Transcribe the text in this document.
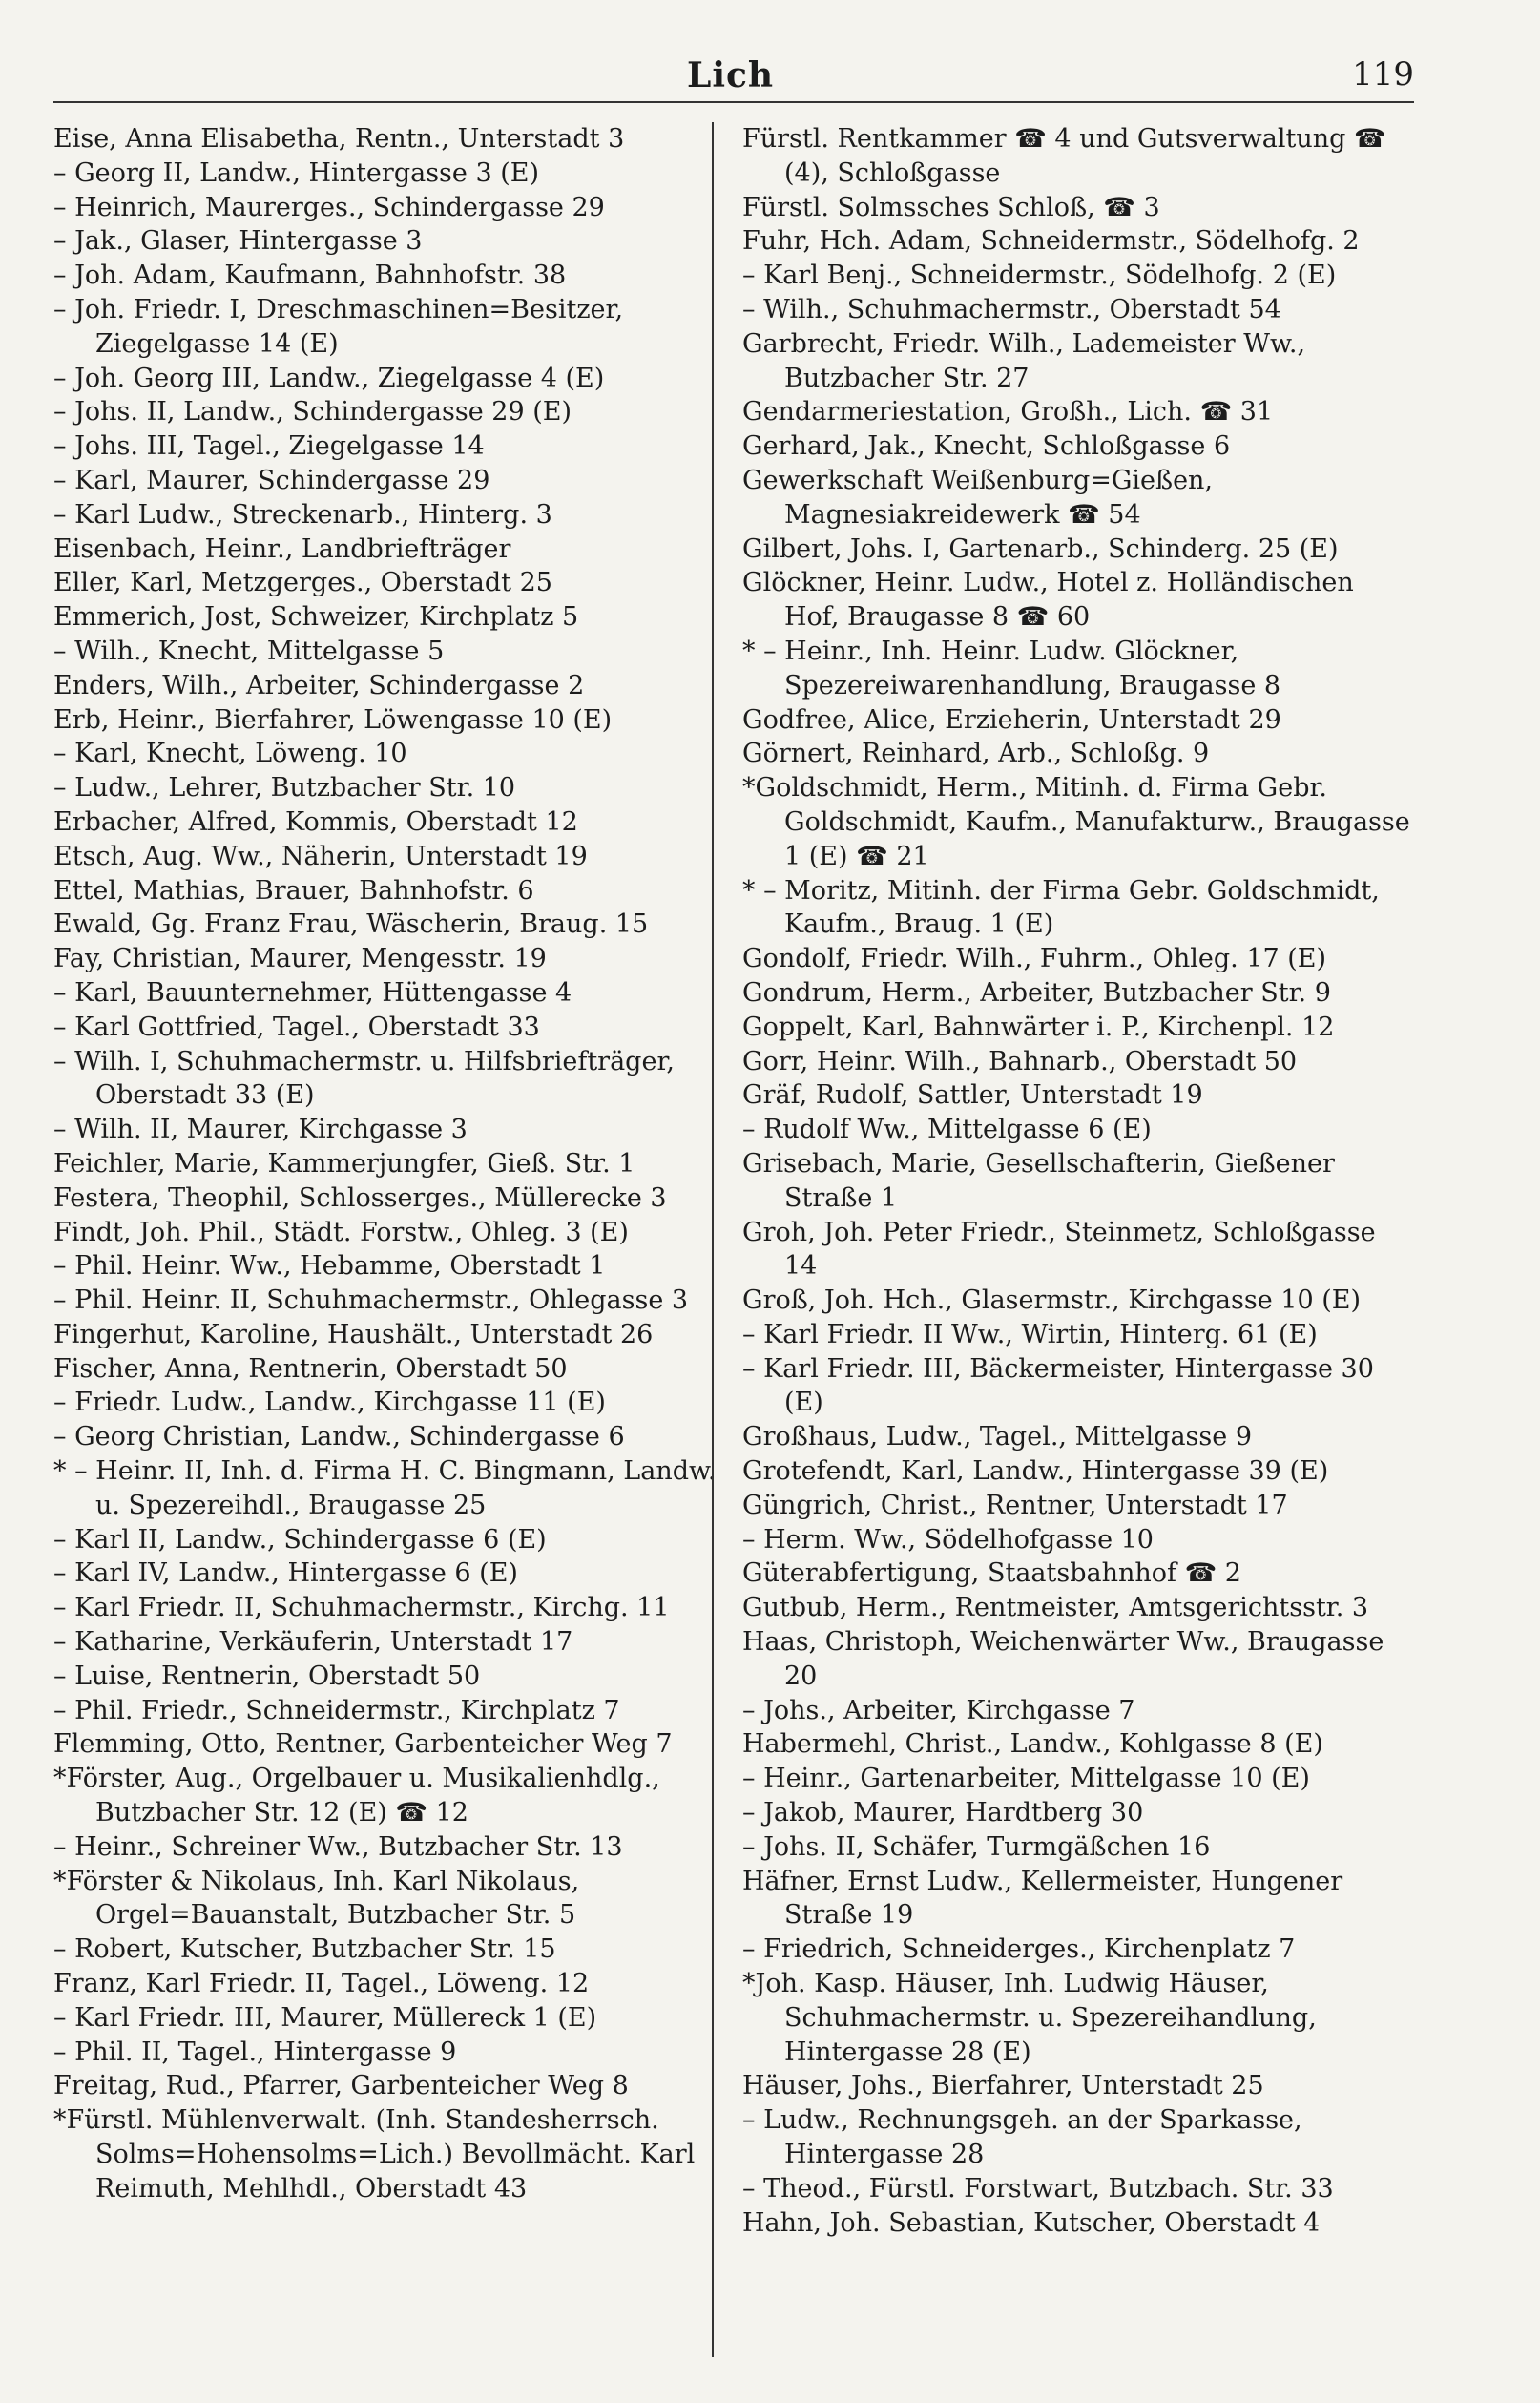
Lich	119

Eise, Anna Elisabetha, Rentn., Unterstadt 3

– Georg II, Landw., Hintergasse 3 (E)

– Heinrich, Maurerges., Schindergasse 29

– Jak., Glaser, Hintergasse 3

– Joh. Adam, Kaufmann, Bahnhofstr. 38

– Joh. Friedr. I, Dreschmaschinen=Besitzer, Ziegelgasse 14 (E)

– Joh. Georg III, Landw., Ziegelgasse 4 (E)

– Johs. II, Landw., Schindergasse 29 (E)

– Johs. III, Tagel., Ziegelgasse 14

– Karl, Maurer, Schindergasse 29

– Karl Ludw., Streckenarb., Hinterg. 3

Eisenbach, Heinr., Landbriefträger

Eller, Karl, Metzgerges., Oberstadt 25

Emmerich, Jost, Schweizer, Kirchplatz 5

– Wilh., Knecht, Mittelgasse 5

Enders, Wilh., Arbeiter, Schindergasse 2

Erb, Heinr., Bierfahrer, Löwengasse 10 (E)

– Karl, Knecht, Löweng. 10

– Ludw., Lehrer, Butzbacher Str. 10

Erbacher, Alfred, Kommis, Oberstadt 12

Etsch, Aug. Ww., Näherin, Unterstadt 19

Ettel, Mathias, Brauer, Bahnhofstr. 6

Ewald, Gg. Franz Frau, Wäscherin, Braug. 15

Fay, Christian, Maurer, Mengesstr. 19

– Karl, Bauunternehmer, Hüttengasse 4

– Karl Gottfried, Tagel., Oberstadt 33

– Wilh. I, Schuhmachermstr. u. Hilfsbriefträger, Oberstadt 33 (E)

– Wilh. II, Maurer, Kirchgasse 3

Feichler, Marie, Kammerjungfer, Gieß. Str. 1

Festera, Theophil, Schlosserges., Müllerecke 3

Findt, Joh. Phil., Städt. Forstw., Ohleg. 3 (E)

– Phil. Heinr. Ww., Hebamme, Oberstadt 1

– Phil. Heinr. II, Schuhmachermstr., Ohlegasse 3

Fingerhut, Karoline, Haushält., Unterstadt 26

Fischer, Anna, Rentnerin, Oberstadt 50

– Friedr. Ludw., Landw., Kirchgasse 11 (E)

– Georg Christian, Landw., Schindergasse 6

* – Heinr. II, Inh. d. Firma H. C. Bingmann, Landw. u. Spezereihdl., Braugasse 25

– Karl II, Landw., Schindergasse 6 (E)

– Karl IV, Landw., Hintergasse 6 (E)

– Karl Friedr. II, Schuhmachermstr., Kirchg. 11

– Katharine, Verkäuferin, Unterstadt 17

– Luise, Rentnerin, Oberstadt 50

– Phil. Friedr., Schneidermstr., Kirchplatz 7

Flemming, Otto, Rentner, Garbenteicher Weg 7

*Förster, Aug., Orgelbauer u. Musikalienhdlg., Butzbacher Str. 12 (E) ☎ 12

– Heinr., Schreiner Ww., Butzbacher Str. 13

*Förster & Nikolaus, Inh. Karl Nikolaus, Orgel=Bauanstalt, Butzbacher Str. 5

– Robert, Kutscher, Butzbacher Str. 15

Franz, Karl Friedr. II, Tagel., Löweng. 12

– Karl Friedr. III, Maurer, Müllereck 1 (E)

– Phil. II, Tagel., Hintergasse 9

Freitag, Rud., Pfarrer, Garbenteicher Weg 8

*Fürstl. Mühlenverwalt. (Inh. Standesherrsch. Solms=Hohensolms=Lich.) Bevollmächt. Karl Reimuth, Mehlhdl., Oberstadt 43

Fürstl. Rentkammer ☎ 4 und Gutsverwaltung ☎ (4), Schloßgasse

Fürstl. Solmssches Schloß, ☎ 3

Fuhr, Hch. Adam, Schneidermstr., Södelhofg. 2

– Karl Benj., Schneidermstr., Södelhofg. 2 (E)

– Wilh., Schuhmachermstr., Oberstadt 54

Garbrecht, Friedr. Wilh., Lademeister Ww., Butzbacher Str. 27

Gendarmeriestation, Großh., Lich. ☎ 31

Gerhard, Jak., Knecht, Schloßgasse 6

Gewerkschaft Weißenburg=Gießen, Magnesiakreidewerk ☎ 54

Gilbert, Johs. I, Gartenarb., Schinderg. 25 (E)

Glöckner, Heinr. Ludw., Hotel z. Holländischen Hof, Braugasse 8 ☎ 60

* – Heinr., Inh. Heinr. Ludw. Glöckner, Spezereiwarenhandlung, Braugasse 8

Godfree, Alice, Erzieherin, Unterstadt 29

Görnert, Reinhard, Arb., Schloßg. 9

*Goldschmidt, Herm., Mitinh. d. Firma Gebr. Goldschmidt, Kaufm., Manufakturw., Braugasse 1 (E) ☎ 21

* – Moritz, Mitinh. der Firma Gebr. Goldschmidt, Kaufm., Braug. 1 (E)

Gondolf, Friedr. Wilh., Fuhrm., Ohleg. 17 (E)

Gondrum, Herm., Arbeiter, Butzbacher Str. 9

Goppelt, Karl, Bahnwärter i. P., Kirchenpl. 12

Gorr, Heinr. Wilh., Bahnarb., Oberstadt 50

Gräf, Rudolf, Sattler, Unterstadt 19

– Rudolf Ww., Mittelgasse 6 (E)

Grisebach, Marie, Gesellschafterin, Gießener Straße 1

Groh, Joh. Peter Friedr., Steinmetz, Schloßgasse 14

Groß, Joh. Hch., Glasermstr., Kirchgasse 10 (E)

– Karl Friedr. II Ww., Wirtin, Hinterg. 61 (E)

– Karl Friedr. III, Bäckermeister, Hintergasse 30 (E)

Großhaus, Ludw., Tagel., Mittelgasse 9

Grotefendt, Karl, Landw., Hintergasse 39 (E)

Güngrich, Christ., Rentner, Unterstadt 17

– Herm. Ww., Södelhofgasse 10

Güterabfertigung, Staatsbahnhof ☎ 2

Gutbub, Herm., Rentmeister, Amtsgerichtsstr. 3

Haas, Christoph, Weichenwärter Ww., Braugasse 20

– Johs., Arbeiter, Kirchgasse 7

Habermehl, Christ., Landw., Kohlgasse 8 (E)

– Heinr., Gartenarbeiter, Mittelgasse 10 (E)

– Jakob, Maurer, Hardtberg 30

– Johs. II, Schäfer, Turmgäßchen 16

Häfner, Ernst Ludw., Kellermeister, Hungener Straße 19

– Friedrich, Schneiderges., Kirchenplatz 7

*Joh. Kasp. Häuser, Inh. Ludwig Häuser, Schuhmachermstr. u. Spezereihandlung, Hintergasse 28 (E)

Häuser, Johs., Bierfahrer, Unterstadt 25

– Ludw., Rechnungsgeh. an der Sparkasse, Hintergasse 28

– Theod., Fürstl. Forstwart, Butzbach. Str. 33

Hahn, Joh. Sebastian, Kutscher, Oberstadt 4
